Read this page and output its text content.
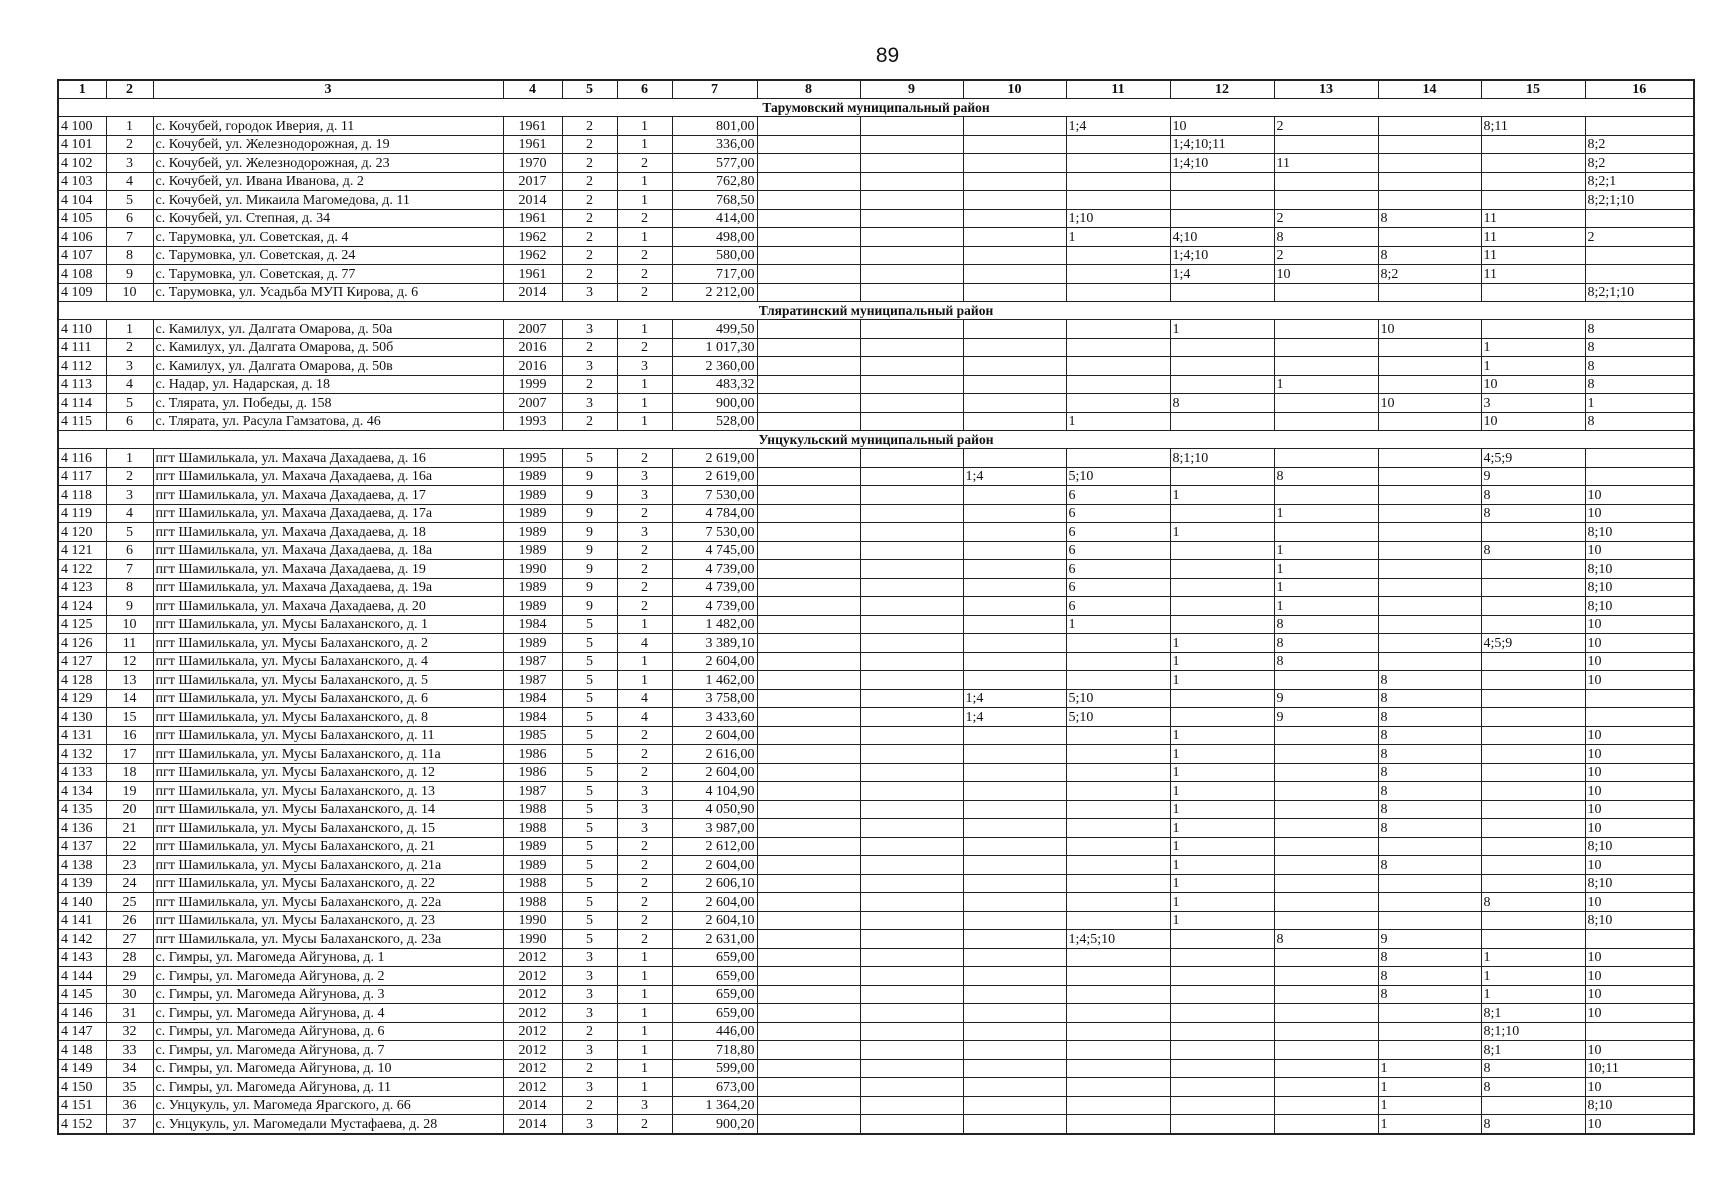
89
1	2	3	4	5	6	7	8	9	10	11	12	13	14	15	16
Тарумовский муниципальный район															
4 100	1	с. Кочубей, городок Иверия, д. 11	1961	2	1	801,00				1;4	10	2		8;11	
4 101	2	с. Кочубей, ул. Железнодорожная, д. 19	1961	2	1	336,00					1;4;10;11				8;2
4 102	3	с. Кочубей, ул. Железнодорожная, д. 23	1970	2	2	577,00					1;4;10	11			8;2
4 103	4	с. Кочубей, ул. Ивана Иванова, д. 2	2017	2	1	762,80									8;2;1
4 104	5	с. Кочубей, ул. Микаила Магомедова, д. 11	2014	2	1	768,50									8;2;1;10
4 105	6	с. Кочубей, ул. Степная, д. 34	1961	2	2	414,00				1;10		2	8	11	
4 106	7	с. Тарумовка, ул. Советская, д. 4	1962	2	1	498,00				1	4;10	8		11	2
4 107	8	с. Тарумовка, ул. Советская, д. 24	1962	2	2	580,00					1;4;10	2	8	11	
4 108	9	с. Тарумовка, ул. Советская, д. 77	1961	2	2	717,00					1;4	10	8;2	11	
4 109	10	с. Тарумовка, ул. Усадьба МУП Кирова, д. 6	2014	3	2	2 212,00									8;2;1;10
Тляратинский муниципальный район															
4 110	1	с. Камилух, ул. Далгата Омарова, д. 50а	2007	3	1	499,50					1		10		8
4 111	2	с. Камилух, ул. Далгата Омарова, д. 50б	2016	2	2	1 017,30								1	8
4 112	3	с. Камилух, ул. Далгата Омарова, д. 50в	2016	3	3	2 360,00								1	8
4 113	4	с. Надар, ул. Надарская, д. 18	1999	2	1	483,32						1		10	8
4 114	5	с. Тлярата, ул. Победы, д. 158	2007	3	1	900,00					8		10	3	1
4 115	6	с. Тлярата, ул. Расула Гамзатова, д. 46	1993	2	1	528,00				1				10	8
Унцукульский муниципальный район															
4 116	1	пгт Шамилькала, ул. Махача Дахадаева, д. 16	1995	5	2	2 619,00					8;1;10			4;5;9	
4 117	2	пгт Шамилькала, ул. Махача Дахадаева, д. 16а	1989	9	3	2 619,00			1;4	5;10		8		9	
4 118	3	пгт Шамилькала, ул. Махача Дахадаева, д. 17	1989	9	3	7 530,00				6	1			8	10
4 119	4	пгт Шамилькала, ул. Махача Дахадаева, д. 17а	1989	9	2	4 784,00				6		1		8	10
4 120	5	пгт Шамилькала, ул. Махача Дахадаева, д. 18	1989	9	3	7 530,00				6	1				8;10
4 121	6	пгт Шамилькала, ул. Махача Дахадаева, д. 18а	1989	9	2	4 745,00				6		1		8	10
4 122	7	пгт Шамилькала, ул. Махача Дахадаева, д. 19	1990	9	2	4 739,00				6		1			8;10
4 123	8	пгт Шамилькала, ул. Махача Дахадаева, д. 19а	1989	9	2	4 739,00				6		1			8;10
4 124	9	пгт Шамилькала, ул. Махача Дахадаева, д. 20	1989	9	2	4 739,00				6		1			8;10
4 125	10	пгт Шамилькала, ул. Мусы Балаханского, д. 1	1984	5	1	1 482,00				1		8			10
4 126	11	пгт Шамилькала, ул. Мусы Балаханского, д. 2	1989	5	4	3 389,10					1	8		4;5;9	10
4 127	12	пгт Шамилькала, ул. Мусы Балаханского, д. 4	1987	5	1	2 604,00					1	8			10
4 128	13	пгт Шамилькала, ул. Мусы Балаханского, д. 5	1987	5	1	1 462,00					1		8		10
4 129	14	пгт Шамилькала, ул. Мусы Балаханского, д. 6	1984	5	4	3 758,00			1;4	5;10		9	8		
4 130	15	пгт Шамилькала, ул. Мусы Балаханского, д. 8	1984	5	4	3 433,60			1;4	5;10		9	8		
4 131	16	пгт Шамилькала, ул. Мусы Балаханского, д. 11	1985	5	2	2 604,00					1		8		10
4 132	17	пгт Шамилькала, ул. Мусы Балаханского, д. 11а	1986	5	2	2 616,00					1		8		10
4 133	18	пгт Шамилькала, ул. Мусы Балаханского, д. 12	1986	5	2	2 604,00					1		8		10
4 134	19	пгт Шамилькала, ул. Мусы Балаханского, д. 13	1987	5	3	4 104,90					1		8		10
4 135	20	пгт Шамилькала, ул. Мусы Балаханского, д. 14	1988	5	3	4 050,90					1		8		10
4 136	21	пгт Шамилькала, ул. Мусы Балаханского, д. 15	1988	5	3	3 987,00					1		8		10
4 137	22	пгт Шамилькала, ул. Мусы Балаханского, д. 21	1989	5	2	2 612,00					1				8;10
4 138	23	пгт Шамилькала, ул. Мусы Балаханского, д. 21а	1989	5	2	2 604,00					1		8		10
4 139	24	пгт Шамилькала, ул. Мусы Балаханского, д. 22	1988	5	2	2 606,10					1				8;10
4 140	25	пгт Шамилькала, ул. Мусы Балаханского, д. 22а	1988	5	2	2 604,00					1			8	10
4 141	26	пгт Шамилькала, ул. Мусы Балаханского, д. 23	1990	5	2	2 604,10					1				8;10
4 142	27	пгт Шамилькала, ул. Мусы Балаханского, д. 23а	1990	5	2	2 631,00				1;4;5;10		8	9		
4 143	28	с. Гимры, ул. Магомеда Айгунова, д. 1	2012	3	1	659,00							8	1	10
4 144	29	с. Гимры, ул. Магомеда Айгунова, д. 2	2012	3	1	659,00							8	1	10
4 145	30	с. Гимры, ул. Магомеда Айгунова, д. 3	2012	3	1	659,00							8	1	10
4 146	31	с. Гимры, ул. Магомеда Айгунова, д. 4	2012	3	1	659,00								8;1	10
4 147	32	с. Гимры, ул. Магомеда Айгунова, д. 6	2012	2	1	446,00								8;1;10	
4 148	33	с. Гимры, ул. Магомеда Айгунова, д. 7	2012	3	1	718,80								8;1	10
4 149	34	с. Гимры, ул. Магомеда Айгунова, д. 10	2012	2	1	599,00							1	8	10;11
4 150	35	с. Гимры, ул. Магомеда Айгунова, д. 11	2012	3	1	673,00							1	8	10
4 151	36	с. Унцукуль, ул. Магомеда Ярагского, д. 66	2014	2	3	1 364,20							1		8;10
4 152	37	с. Унцукуль, ул. Магомедали Мустафаева, д. 28	2014	3	2	900,20							1	8	10
